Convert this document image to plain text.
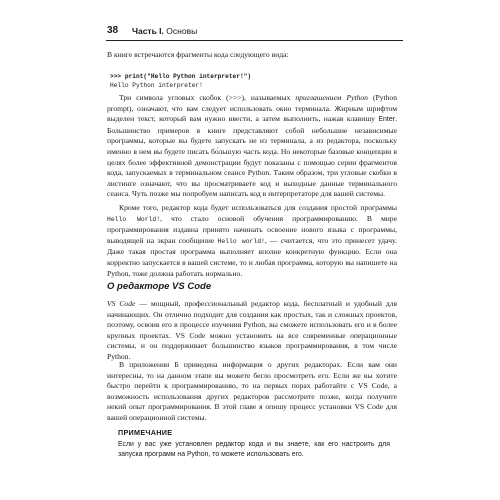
38 Часть I. Основы

В книге встречаются фрагменты кода следующего вида:

>>> print("Hello Python interpreter!")
Hello Python interpreter!

Три символа угловых скобок (>>>), называемых приглашением Python (Python prompt), означают, что вам следует использовать окно терминала. Жирным шрифтом выделен текст, который вам нужно ввести, а затем выполнить, нажав клавишу Enter. Большинство примеров в книге представляют собой небольшие независимые программы, которые вы будете запускать не из терминала, а из редактора, поскольку именно в нем вы будете писать бо́льшую часть кода. Но некоторые базовые концепции в целях более эффективной демонстрации будут показаны с помощью серии фрагментов кода, запускаемых в терминальном сеансе Python. Таким образом, три угловые скобки в листинге означают, что вы просматриваете код и выходные данные терминального сеанса. Чуть позже мы попробуем написать код в интерпретаторе для вашей системы.

Кроме того, редактор кода будет использоваться для создания простой программы Hello World!, что стало основой обучения программированию. В мире программирования издавна принято начинать освоение нового языка с программы, выводящей на экран сообщение Hello world!, — считается, что это принесет удачу. Даже такая простая программа выполняет вполне конкретную функцию. Если она корректно запускается в вашей системе, то и любая программа, которую вы напишете на Python, тоже должна работать нормально.

О редакторе VS Code

VS Code — мощный, профессиональный редактор кода, бесплатный и удобный для начинающих. Он отлично подходит для создания как простых, так и сложных проектов, поэтому, освоив его в процессе изучения Python, вы сможете использовать его и в более крупных проектах. VS Code можно установить на все современные операционные системы, и он поддерживает большинство языков программирования, в том числе Python.

В приложении Б приведена информация о других редакторах. Если вам они интересны, то на данном этапе вы можете бегло просмотреть его. Если же вы хотите быстро перейти к программированию, то на первых порах работайте с VS Code, а возможность использования других редакторов рассмотрите позже, когда получите некий опыт программирования. В этой главе я опишу процесс установки VS Code для вашей операционной системы.

ПРИМЕЧАНИЕ

Если у вас уже установлен редактор кода и вы знаете, как его настроить для запуска программ на Python, то можете использовать его.
